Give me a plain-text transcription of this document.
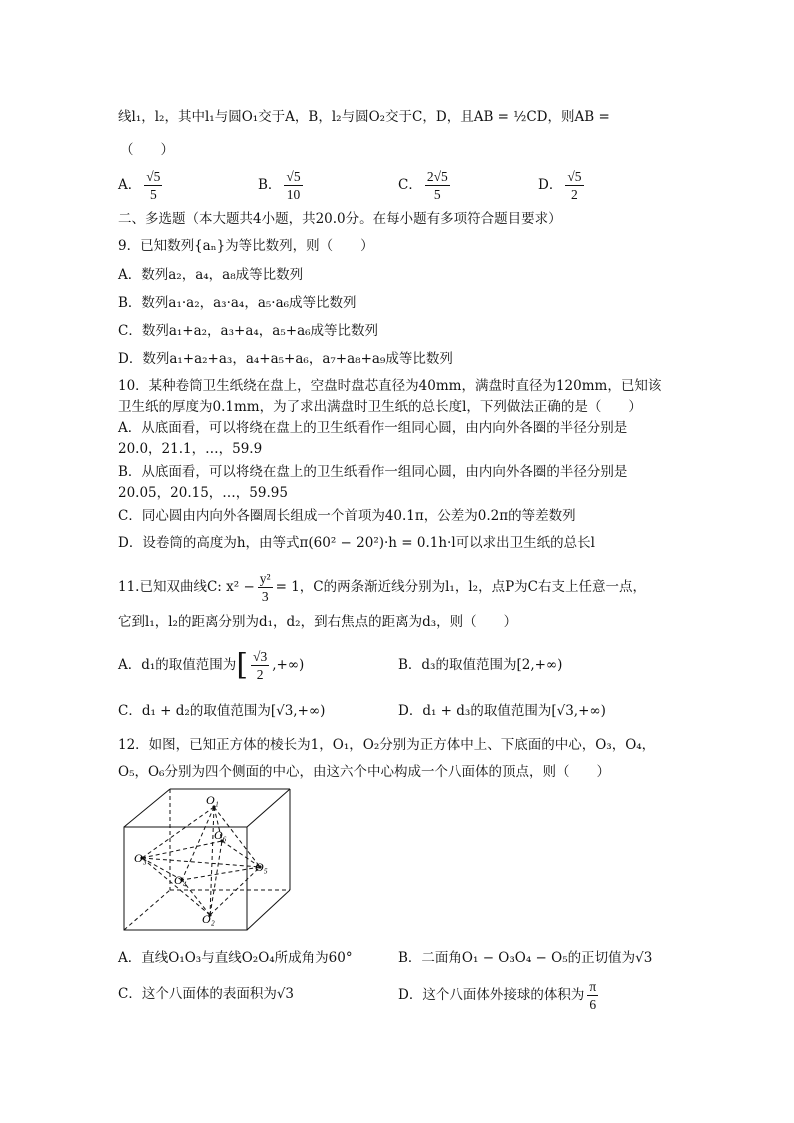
线l₁，l₂，其中l₁与圆O₁交于A，B，l₂与圆O₂交于C，D，且AB = ½CD，则AB =
（　　）
A． $\frac{√5}{5}$	B． $\frac{√5}{10}$	C． $\frac{2√5}{5}$	D． $\frac{√5}{2}$
二、多选题（本大题共4小题，共20.0分。在每小题有多项符合题目要求）
9．已知数列{aₙ}为等比数列，则（　　）
A．数列a₂，a₄，a₈成等比数列
B．数列a₁·a₂，a₃·a₄，a₅·a₆成等比数列
C．数列a₁+a₂，a₃+a₄，a₅+a₆成等比数列
D．数列a₁+a₂+a₃，a₄+a₅+a₆，a₇+a₈+a₉成等比数列
10．某种卷筒卫生纸绕在盘上，空盘时盘芯直径为40mm，满盘时直径为120mm，已知该
卫生纸的厚度为0.1mm，为了求出满盘时卫生纸的总长度l，下列做法正确的是（　　）
A．从底面看，可以将绕在盘上的卫生纸看作一组同心圆，由内向外各圈的半径分别是
20.0，21.1，…，59.9
B．从底面看，可以将绕在盘上的卫生纸看作一组同心圆，由内向外各圈的半径分别是
20.05，20.15，…，59.95
C．同心圆由内向外各圈周长组成一个首项为40.1π，公差为0.2π的等差数列
D．设卷筒的高度为h，由等式π(60² − 20²)·h = 0.1h·l可以求出卫生纸的总长l
11.已知双曲线C: $x^2 - \frac{\text{y²}}{3} = 1$，C的两条渐近线分别为l₁，l₂，点P为C右支上任意一点，
它到l₁，l₂的距离分别为d₁，d₂，到右焦点的距离为d₃，则（　　）
A．d₁的取值范围为[ $\frac{√3}{2}$ ,+∞)	B．d₃的取值范围为[2,+∞)
C．d₁ + d₂的取值范围为[√3,+∞)	D．d₁ + d₃的取值范围为[√3,+∞)
12．如图，已知正方体的棱长为1，O₁，O₂分别为正方体中上、下底面的中心，O₃，O₄，
O₅，O₆分别为四个侧面的中心，由这六个中心构成一个八面体的顶点，则（　　）
O₁
O₆
O₃
O₄
O₅
O₂
A．直线O₁O₃与直线O₂O₄所成角为60°	B．二面角O₁ − O₃O₄ − O₅的正切值为√3
C．这个八面体的表面积为√3	D．这个八面体外接球的体积为 $\frac{\pi}{6}$
